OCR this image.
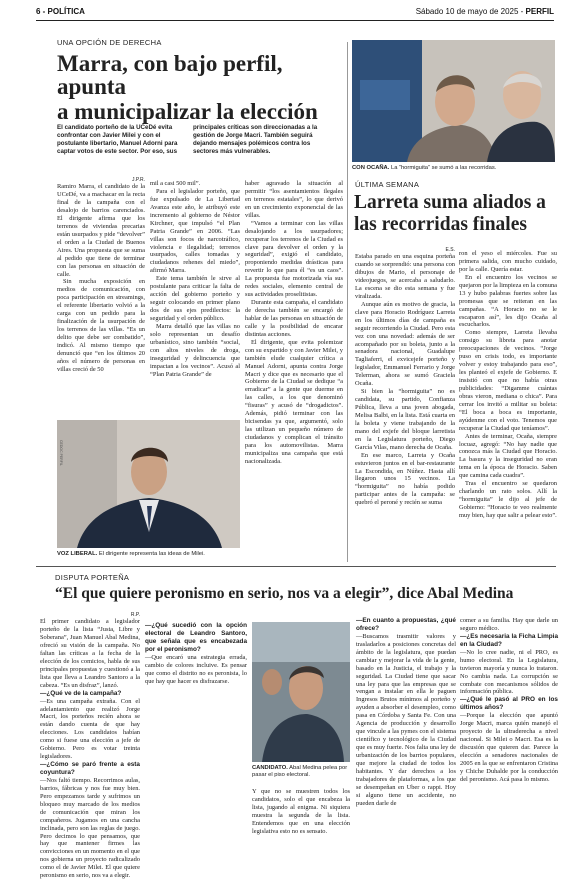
6 - POLÍTICA	Sábado 10 de mayo de 2025 - PERFIL
UNA OPCIÓN DE DERECHA
Marra, con bajo perfil, apunta
a municipalizar la elección
El candidato porteño de la UCeDé evita confrontar con Javier Milei y con el postulante libertario, Manuel Adorni para captar votos de este sector. Por eso, sus
principales críticas son direccionadas a la gestión de Jorge Macri. También seguirá dejando mensajes polémicos contra los sectores más vulnerables.
J.P.R.

Ramiro Marra, el candidato de la UCeDé, va a machacar en la recta final de la campaña con el desalojo de barrios carenciados. El dirigente afirma que los terrenos de viviendas precarias están usurpados y pide “devolver” el orden a la Ciudad de Buenos Aires. Una propuesta que se suma al pedido que tiene de terminar con las personas en situación de calle.

Sin mucha exposición en medios de comunicación, con poca participación en streamings, el referente libertario volvió a la carga con un pedido para la finalización de la usurpación de los terrenos de las villas. “Es un delito que debe ser combatido”, indicó. Al mismo tiempo que denunció que “en los últimos 20 años el número de personas en villas creció de 50

mil a casi 500 mil”.

Para el legislador porteño, que fue expulsado de La Libertad Avanza este año, le atribuyó este incremento al gobierno de Néstor Kirchner, que impulsó “el Plan Patria Grande” en 2006. “Las villas son focos de narcotráfico, violencia e ilegalidad; terrenos usurpados, calles tomadas y ciudadanos rehenes del miedo”, afirmó Marra.

Este tema también le sirve al postulante para criticar la falta de acción del gobierno porteño y seguir colocando en primer plano dos de sus ejes predilectos: la seguridad y el orden público.

Marra detalló que las villas no solo representan un desafío urbanístico, sino también “social, con altos niveles de droga, inseguridad y delincuencia que impactan a los vecinos”. Acusó al “Plan Patria Grande” de

haber agravado la situación al permitir “los asentamientos ilegales en terrenos estatales”, lo que derivó en un crecimiento exponencial de las villas.

“Vamos a terminar con las villas desalojando a los usurpadores; recuperar los terrenos de la Ciudad es clave para devolver el orden y la seguridad”, exigió el candidato, proponiendo medidas drásticas para revertir lo que para él “es un caos”. La propuesta fue motorizada vía sus redes sociales, elemento central de sus actividades proselitistas.

Durante esta campaña, el candidato de derecha también se encargó de hablar de las personas en situación de calle y la posibilidad de encarar distintas acciones.

El dirigente, que evita polemizar con su expartido y con Javier Milei, y también elude cualquier crítica a Manuel Adorni, apunta contra Jorge Macri y dice que es necesario que el Gobierno de la Ciudad se dedique “a erradicar” a la gente que duerme en las calles, a los que denominó “fisuras” y acusó de “drogadictos”. Además, pidió terminar con las bicisendas ya que, argumentó, solo las utilizan un pequeño número de ciudadanos y complican el tránsito para los automovilistas. Marra municipaliza una campaña que está nacionalizada.

CEDOC PERFIL
VOZ LIBERAL. El dirigente representa las ideas de Milei.
CON OCAÑA. La “hormiguita” se sumó a las recorridas.
ÚLTIMA SEMANA
Larreta suma aliados a
las recorridas finales
E.S.

Estaba parado en una esquina porteña cuando se sorprendió: una persona con dibujos de Mario, el personaje de videojuegos, se acercaba a saludarlo. La escena se dio esta semana y fue viralizada.

Aunque aún es motivo de gracia, la clave para Horacio Rodríguez Larreta en los últimos días de campaña es seguir recorriendo la Ciudad. Pero esta vez con una novedad: además de ser acompañado por su boleta, junto a la senadora nacional, Guadalupe Tagliaferri, el exvicejefe porteño y legislador, Emmanuel Ferrario y Jorge Telerman, ahora se sumó Graciela Ocaña.

Si bien la “hormiguita” no es candidata, su partido, Confianza Pública, lleva a una joven abogada, Melisa Balbi, en la lista. Está cuarta en la boleta y viene trabajando de la mano del exjefe del bloque larretista en la Legislatura porteño, Diego García Vilas, mano derecha de Ocaña.

En ese marco, Larreta y Ocaña estuvieron juntos en el bar-restaurante La Escondida, en Núñez. Hasta allí llegaron unos 15 vecinos. La “hormiguita” no había podido participar antes de la campaña: se quebró el peroné y recién se suma

ron el yeso el miércoles. Fue su primera salida, con mucho cuidado, por la calle. Quería estar.

En el encuentro los vecinos se quejaron por la limpieza en la comuna 13 y hubo palabras fuertes sobre las promesas que se reiteran en las campañas. “A Horacio no se le escaparon así”, les dijo Ocaña al escucharlos.

Como siempre, Larreta llevaba consigo su libreta para anotar preocupaciones de vecinos. “Jorge puso en crisis todo, es importante volver y estoy trabajando para eso”, les planteó el exjefe de Gobierno. E insistió con que no había otras publicidades: “Digamme cuántas obras vieron, mediana o chica”. Para cerrar los invitó a militar su boleta: “El boca a boca es importante, ayúdenme con el voto. Tenemos que recuperar la Ciudad que teníamos”.

Antes de terminar, Ocaña, siempre locuaz, agregó: “No hay nadie que conozca más la Ciudad que Horacio. La basura y la inseguridad no eran tema en la época de Horacio. Saben que camina cada cuadra”.

Tras el encuentro se quedaron charlando un rato solos. Allí la “hormiguita” le dijo al jefe de Gobierno: “Horacio te veo realmente muy bien, hay que salir a pelear esto”.

DISPUTA PORTEÑA
“El que quiere peronismo en serio, nos va a elegir”, dice Abal Medina
R.P.

El primer candidato a legislador porteño de la lista “Justa, Libre y Soberana”, Juan Manuel Abal Medina, ofreció su visión de la campaña. No faltan las críticas a la fecha de la elección de los comicios, habla de sus principales propuestas y cuestionó a la lista que lleva a Leandro Santoro a la cabeza. “Es un disfraz”, lanzó.

—¿Qué ve de la campaña?

—Es una campaña extraña. Con el adelantamiento que realizó Jorge Macri, los porteños recién ahora se están dando cuenta de que hay elecciones. Los candidatos habían como si fuese una elección a jefe de Gobierno. Pero es votar treinta legisladores.

—¿Cómo se paró frente a esta coyuntura?

—Nos faltó tiempo. Recorrimos aulas, barrios, fábricas y nos fue muy bien. Pero empezamos tarde y sufrimos un bloqueo muy marcado de los medios de comunicación que miran los compañeros. Jugamos en una cancha inclinada, pero son las reglas de juego. Pero decimos lo que pensamos, que hay que mantener firmes las convicciones en un momento en el que nos gobierna un proyecto radicalizado como el de Javier Milei. El que quiere peronismo en serio, nos va a elegir.

—¿Qué sucedió con la opción electoral de Leandro Santoro, que señala que es encabezada por el peronismo?

—Que encaró una estrategia errada, cambio de colores incluive. Es pensar que como el distrito no es peronista, lo que hay que hacer es disfrazarse.

CANDIDATO. Abal Medina pelea por pasar el piso electoral.

Y que no se muestren todos los candidatos, solo el que encabeza la lista, jugando al enigma. Ni siquiera muestra la segunda de la lista. Entendemos que en una elección legislativa esto no es sensato.

—En cuanto a propuestas, ¿qué ofrece?

—Buscamos trasmitir valores y trasladarlos a posiciones concretas del ámbito de la legislatura, que puedan cambiar y mejorar la vida de la gente, basado en la Justicia, el trabajo y la seguridad. La Ciudad tiene que sacar una ley para que las empresas que se vengan a instalar en ella le paguen Ingresos Brutos mínimos al porteño y ayuden a absorber el desempleo, como pasa en Córdoba y Santa Fe. Con una Agencia de producción y desarrollo que vincule a las pymes con el sistema científico y tecnológico de la Ciudad que es muy fuerte. Nos falta una ley de urbanización de los barrios populares, que mejore la ciudad de todos los habitantes. Y dar derechos a los trabajadores de plataformas, a los que se desempeñan en Uber o rappi. Hoy si alguno tiene un accidente, no pueden darle de

comer a su familia. Hay que darle un seguro médico.

—¿Es necesaria la Ficha Limpia en la Ciudad?

—No lo cree nadie, ni el PRO, es humo electoral. En la Legislatura, tuvieron mayoría y nunca lo trataron. No cambia nada. La corrupción se combate con mecanismos sólidos de información pública.

—¿Qué le pasó al PRO en los últimos años?

—Porque la elección que apuntó Jorge Macri, marca quién manejó el proyecto de la ultraderecha a nivel nacional. Si Milei o Macri. Esa es la discusión que quieren dar. Parece la elección a senadores nacionales de 2005 en la que se enfrentaron Cristina y Chiche Duhalde por la conducción del peronismo. Acá pasa lo mismo.
